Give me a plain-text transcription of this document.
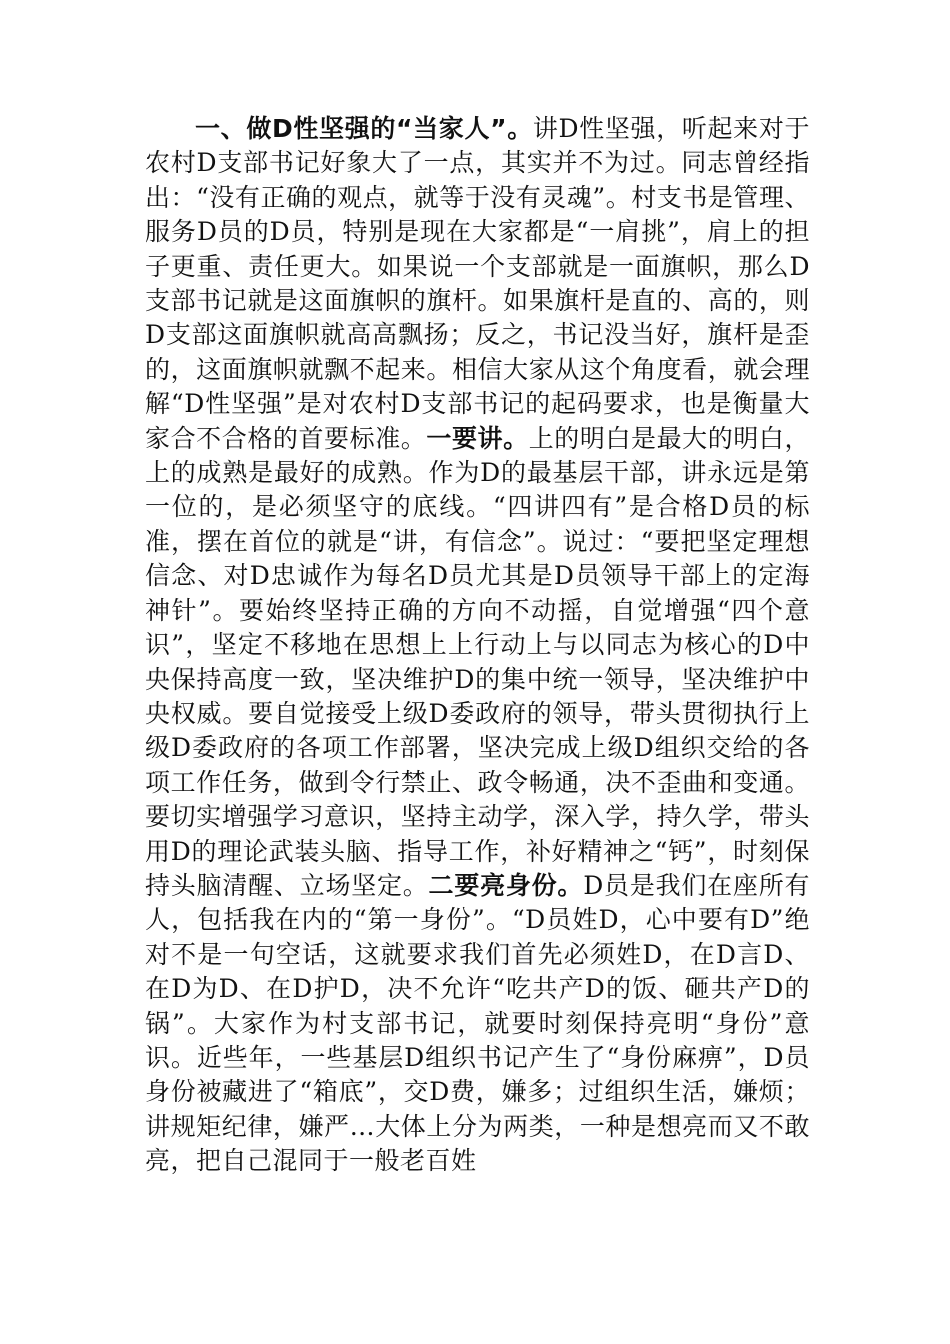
一、做D性坚强的“当家人”。讲D性坚强，听起来对于农村D支部书记好象大了一点，其实并不为过。同志曾经指出：“没有正确的观点，就等于没有灵魂”。村支书是管理、服务D员的D员，特别是现在大家都是“一肩挑”，肩上的担子更重、责任更大。如果说一个支部就是一面旗帜，那么D支部书记就是这面旗帜的旗杆。如果旗杆是直的、高的，则D支部这面旗帜就高高飘扬；反之，书记没当好，旗杆是歪的，这面旗帜就飘不起来。相信大家从这个角度看，就会理解“D性坚强”是对农村D支部书记的起码要求，也是衡量大家合不合格的首要标准。一要讲。上的明白是最大的明白，上的成熟是最好的成熟。作为D的最基层干部，讲永远是第一位的，是必须坚守的底线。“四讲四有”是合格D员的标准，摆在首位的就是“讲，有信念”。说过：“要把坚定理想信念、对D忠诚作为每名D员尤其是D员领导干部上的定海神针”。要始终坚持正确的方向不动摇，自觉增强“四个意识”，坚定不移地在思想上上行动上与以同志为核心的D中央保持高度一致，坚决维护D的集中统一领导，坚决维护中央权威。要自觉接受上级D委政府的领导，带头贯彻执行上级D委政府的各项工作部署，坚决完成上级D组织交给的各项工作任务，做到令行禁止、政令畅通，决不歪曲和变通。要切实增强学习意识，坚持主动学，深入学，持久学，带头用D的理论武装头脑、指导工作，补好精神之“钙”，时刻保持头脑清醒、立场坚定。二要亮身份。D员是我们在座所有人，包括我在内的“第一身份”。“D员姓D，心中要有D”绝对不是一句空话，这就要求我们首先必须姓D，在D言D、在D为D、在D护D，决不允许“吃共产D的饭、砸共产D的锅”。大家作为村支部书记，就要时刻保持亮明“身份”意识。近些年，一些基层D组织书记产生了“身份麻痹”，D员身份被藏进了“箱底”，交D费，嫌多；过组织生活，嫌烦；讲规矩纪律，嫌严…大体上分为两类，一种是想亮而又不敢亮，把自己混同于一般老百姓
